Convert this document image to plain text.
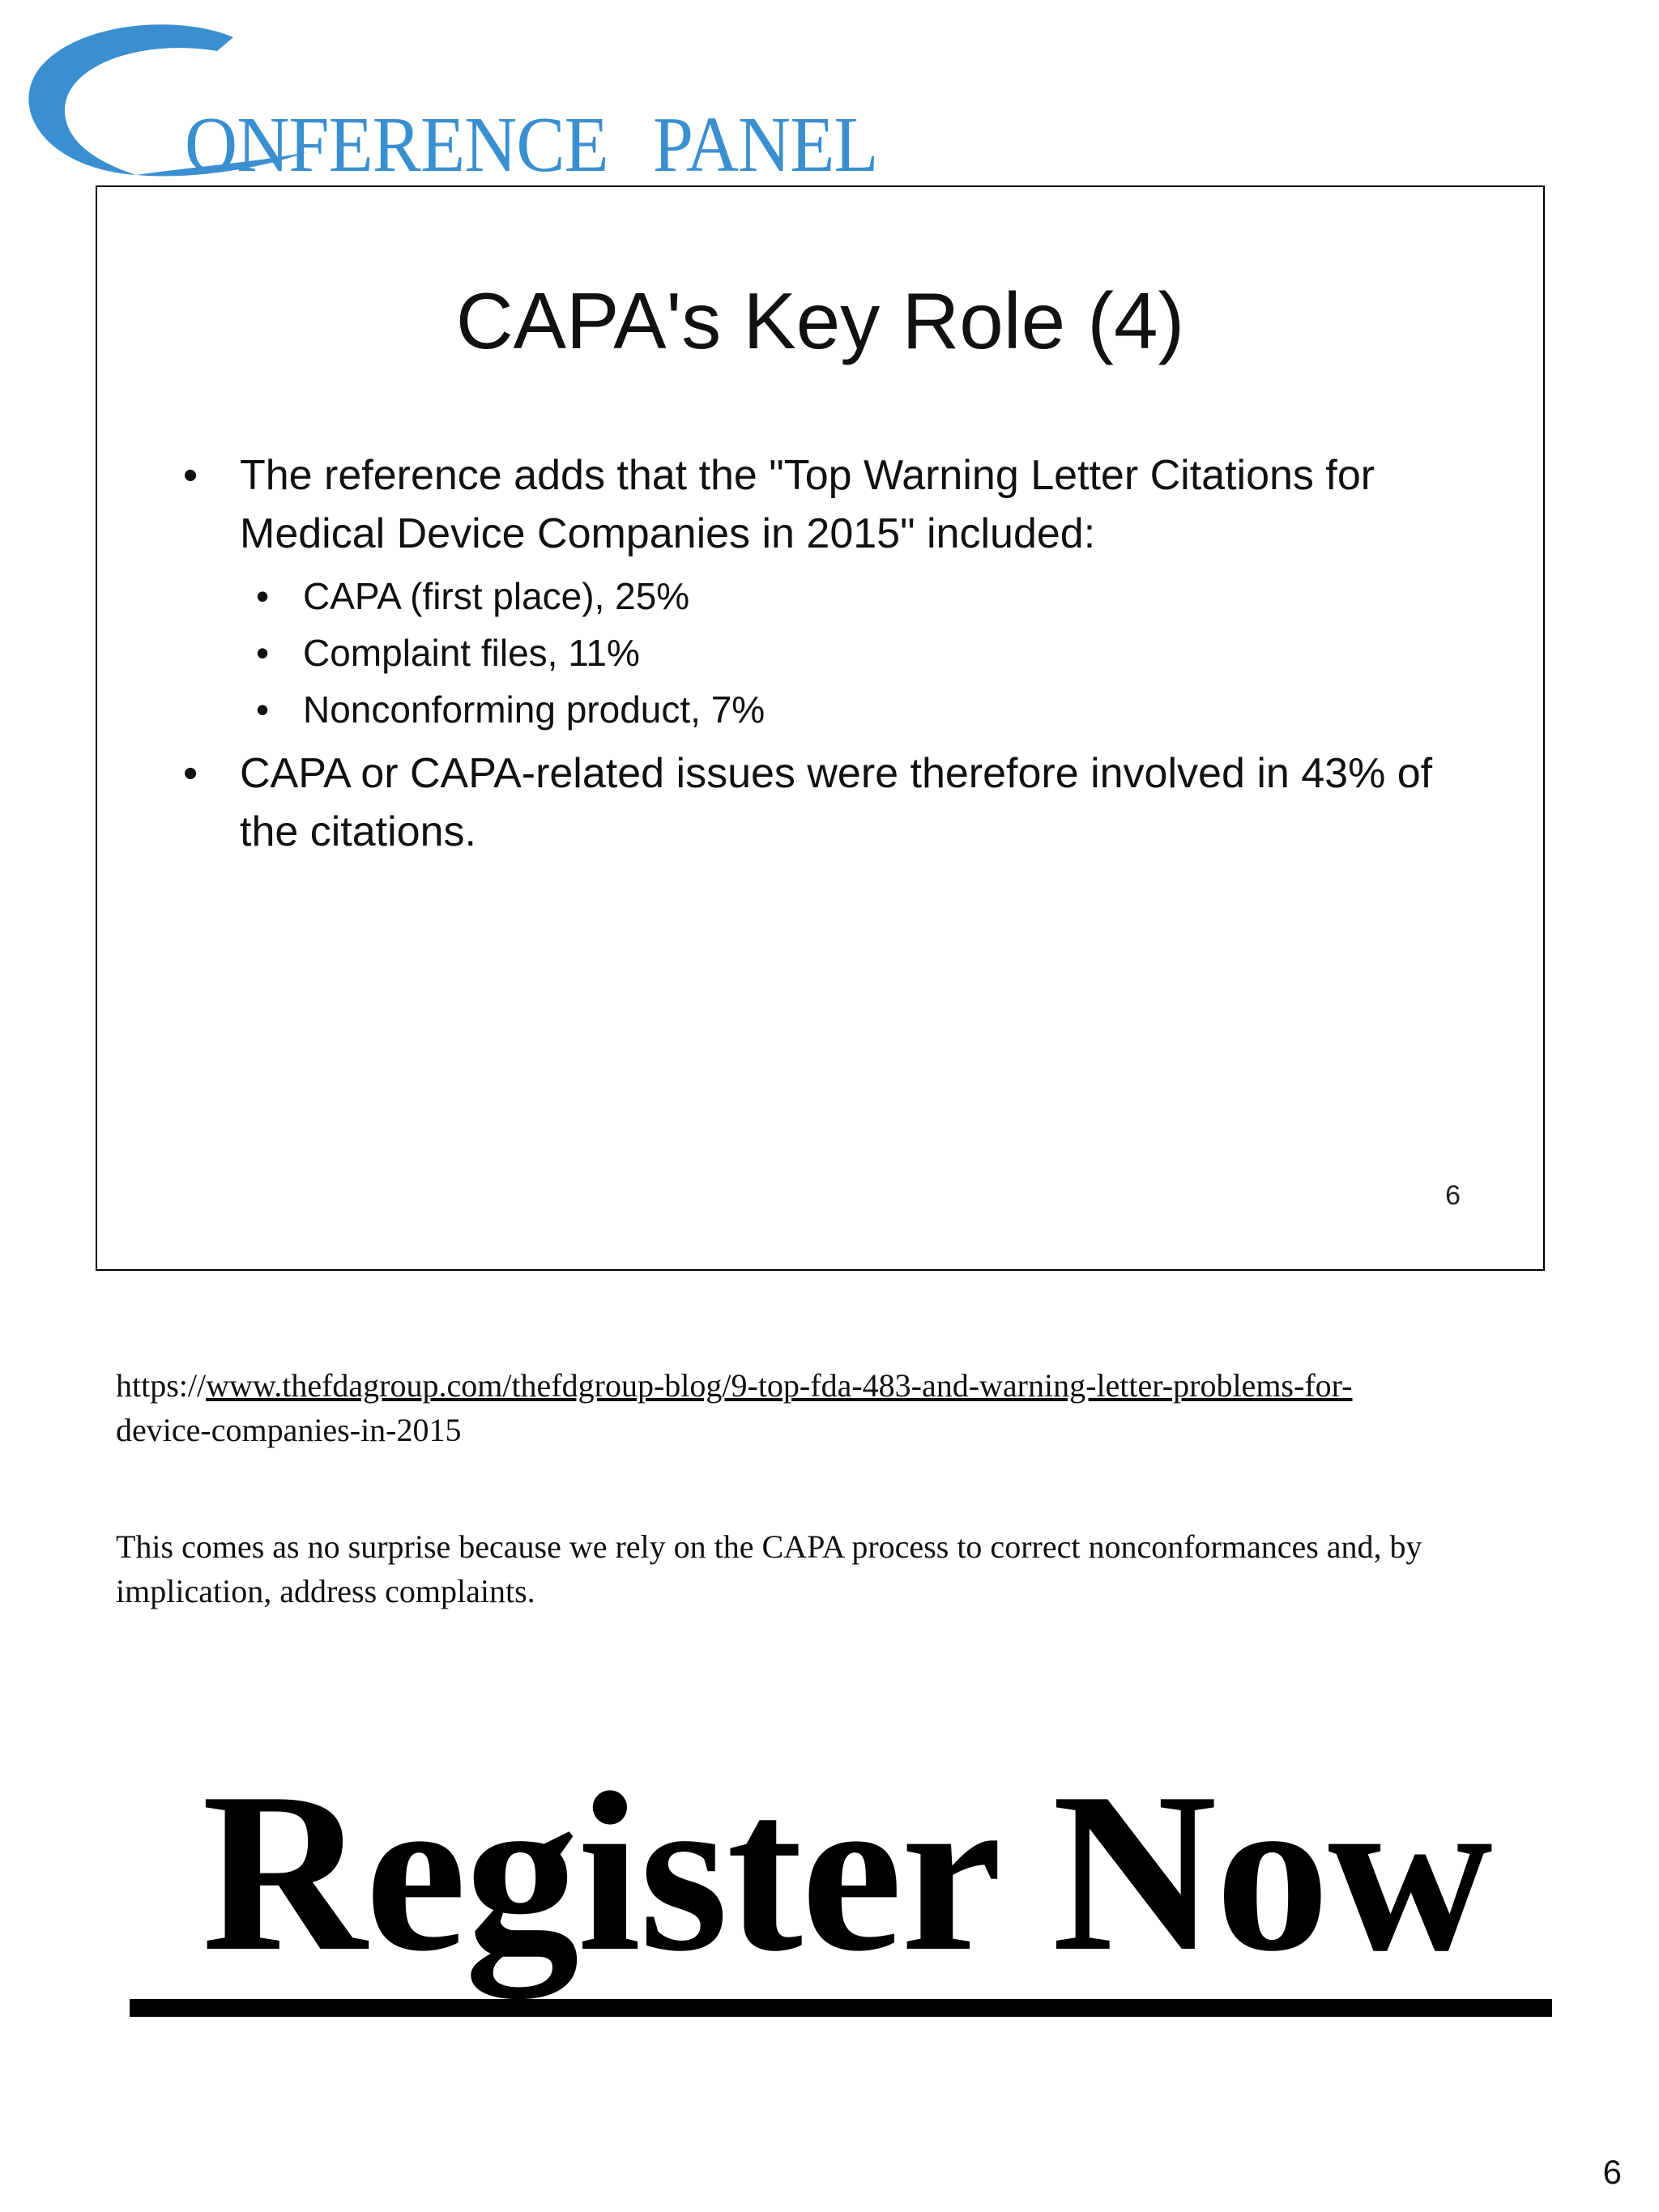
ONFERENCE PANEL
CAPA's Key Role (4)
• The reference adds that the "Top Warning Letter Citations for Medical Device Companies in 2015" included:
• CAPA (first place), 25%
• Complaint files, 11%
• Nonconforming product, 7%
• CAPA or CAPA-related issues were therefore involved in 43% of the citations.
6
https://www.thefdagroup.com/thefdgroup-blog/9-top-fda-483-and-warning-letter-problems-for-
device-companies-in-2015
This comes as no surprise because we rely on the CAPA process to correct nonconformances and, by implication, address complaints.
Register Now
6
